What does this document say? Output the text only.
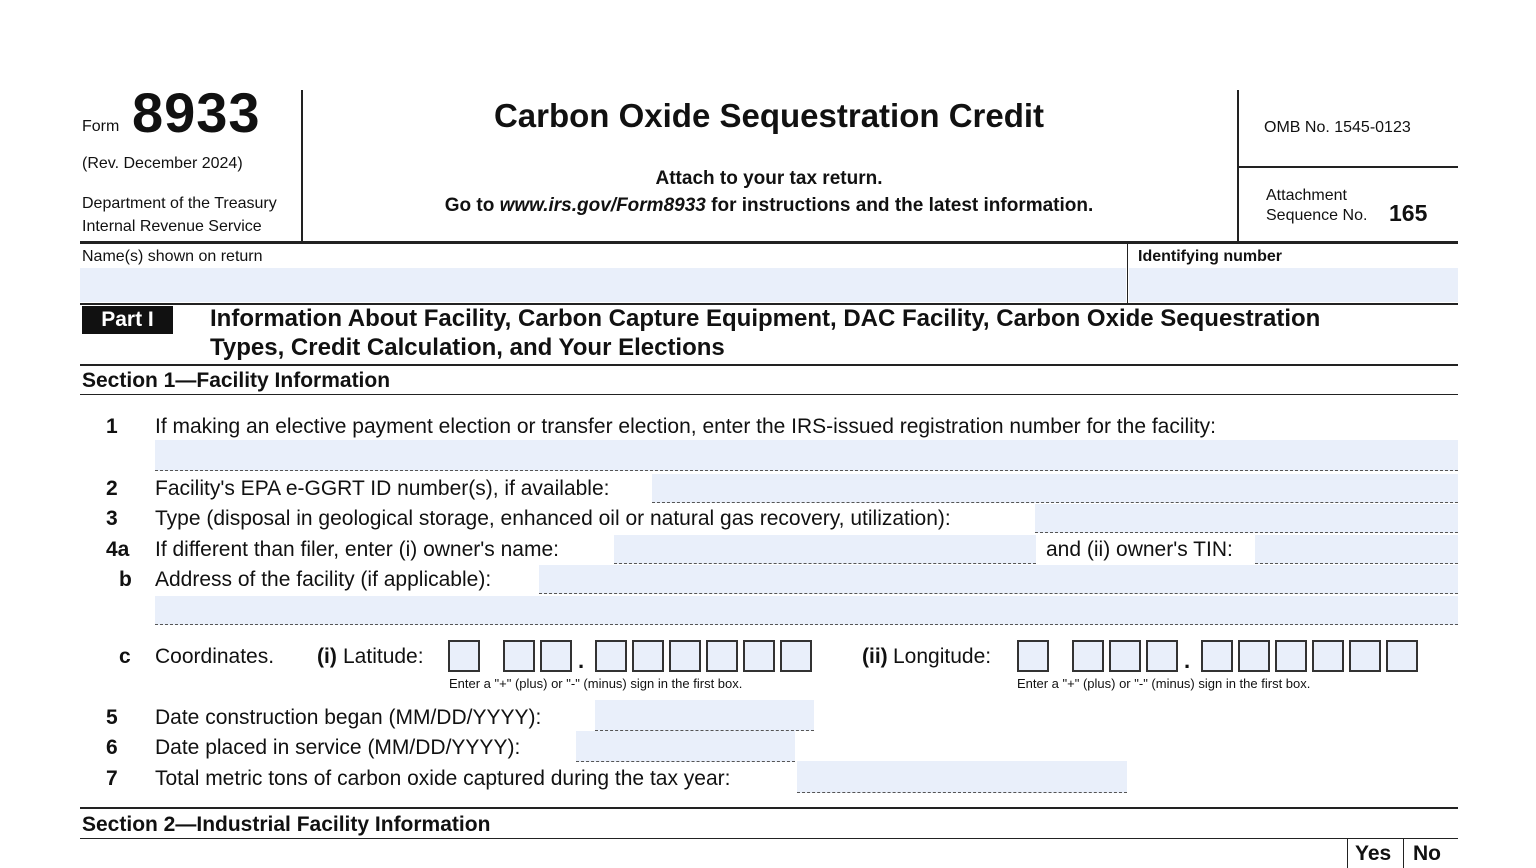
Form 8933
(Rev. December 2024)
Department of the Treasury
Internal Revenue Service
Carbon Oxide Sequestration Credit
Attach to your tax return.
Go to www.irs.gov/Form8933 for instructions and the latest information.
OMB No. 1545-0123
Attachment
Sequence No. 165
Name(s) shown on return	Identifying number
Part I	Information About Facility, Carbon Capture Equipment, DAC Facility, Carbon Oxide Sequestration
Types, Credit Calculation, and Your Elections
Section 1—Facility Information
1 If making an elective payment election or transfer election, enter the IRS-issued registration number for the facility:
2 Facility's EPA e-GGRT ID number(s), if available:
3 Type (disposal in geological storage, enhanced oil or natural gas recovery, utilization):
4a If different than filer, enter (i) owner's name:	and (ii) owner's TIN:
b Address of the facility (if applicable):
c Coordinates. (i) Latitude:	.
Enter a "+" (plus) or "-" (minus) sign in the first box.
(ii) Longitude:	.
Enter a "+" (plus) or "-" (minus) sign in the first box.
5 Date construction began (MM/DD/YYYY):
6 Date placed in service (MM/DD/YYYY):
7 Total metric tons of carbon oxide captured during the tax year:
Section 2—Industrial Facility Information
Yes No
